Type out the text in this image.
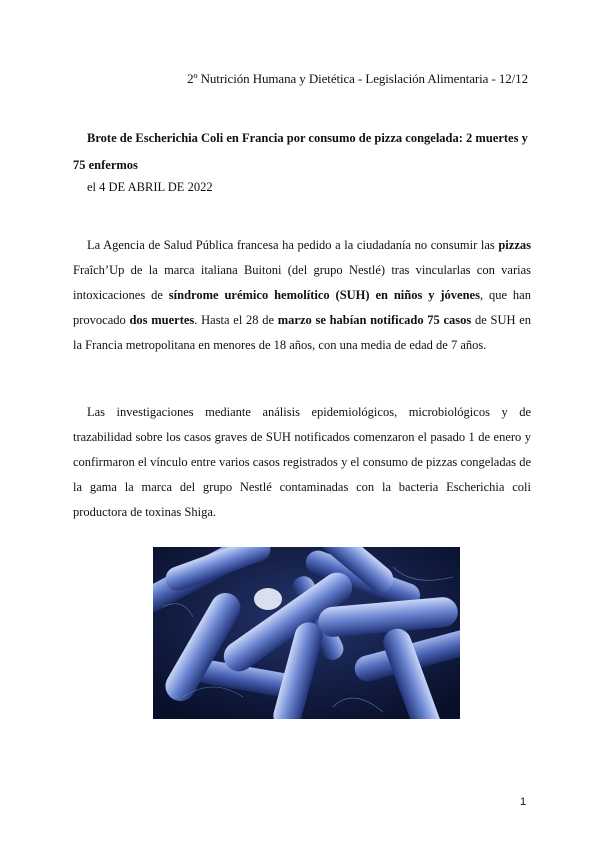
2º Nutrición Humana y Dietética - Legislación Alimentaria - 12/12
Brote de Escherichia Coli en Francia por consumo de pizza congelada: 2 muertes y
75 enfermos
el 4 DE ABRIL DE 2022
La Agencia de Salud Pública francesa ha pedido a la ciudadanía no consumir las pizzas Fraîch’Up de la marca italiana Buitoni (del grupo Nestlé) tras vincularlas con varias intoxicaciones de síndrome urémico hemolítico (SUH) en niños y jóvenes, que han provocado dos muertes. Hasta el 28 de marzo se habían notificado 75 casos de SUH en la Francia metropolitana en menores de 18 años, con una media de edad de 7 años.
Las investigaciones mediante análisis epidemiológicos, microbiológicos y de trazabilidad sobre los casos graves de SUH notificados comenzaron el pasado 1 de enero y confirmaron el vínculo entre varios casos registrados y el consumo de pizzas congeladas de la gama la marca del grupo Nestlé contaminadas con la bacteria Escherichia coli productora de toxinas Shiga.
1
